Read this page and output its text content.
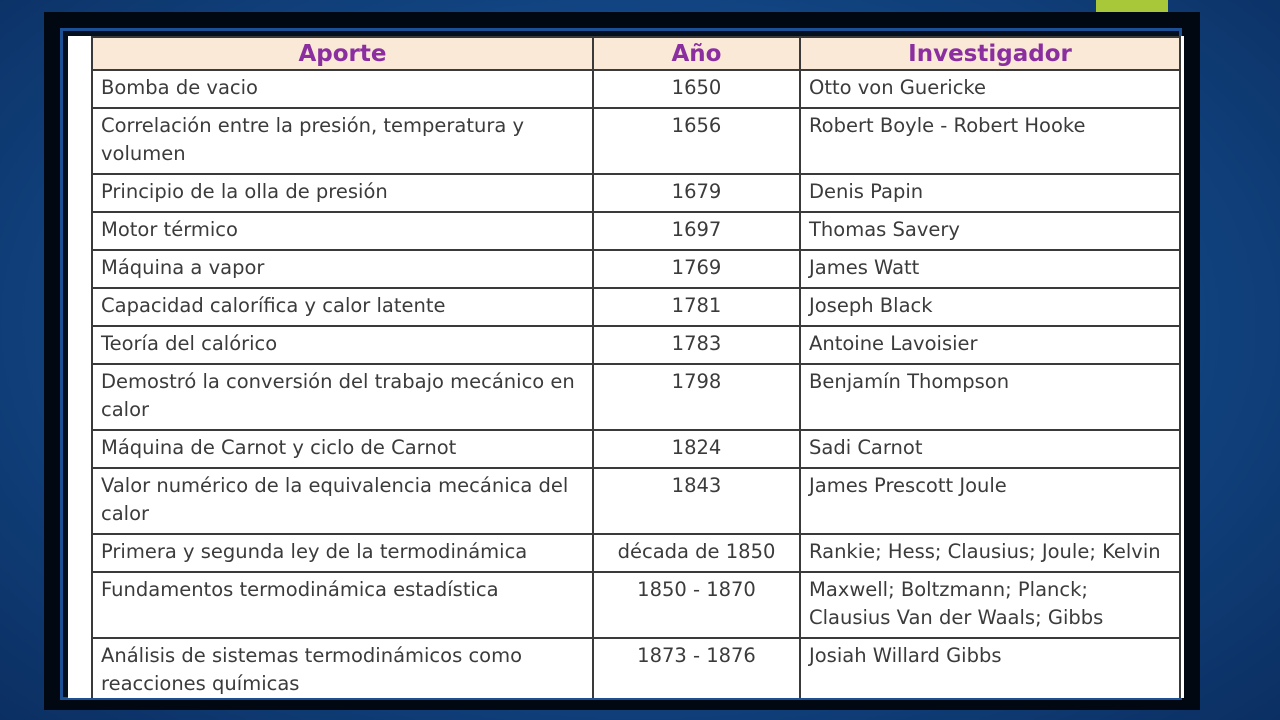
Aporte	Año	Investigador
Bomba de vacio	1650	Otto von Guericke
Correlación entre la presión, temperatura y volumen	1656	Robert Boyle - Robert Hooke
Principio de la olla de presión	1679	Denis Papin
Motor térmico	1697	Thomas Savery
Máquina a vapor	1769	James Watt
Capacidad calorífica y calor latente	1781	Joseph Black
Teoría del calórico	1783	Antoine Lavoisier
Demostró la conversión del trabajo mecánico en calor	1798	Benjamín Thompson
Máquina de Carnot y ciclo de Carnot	1824	Sadi Carnot
Valor numérico de la equivalencia mecánica del calor	1843	James Prescott Joule
Primera y segunda ley de la termodinámica	década de 1850	Rankie; Hess; Clausius; Joule; Kelvin
Fundamentos termodinámica estadística	1850 - 1870	Maxwell; Boltzmann; Planck; Clausius Van der Waals; Gibbs
Análisis de sistemas termodinámicos como reacciones químicas	1873 - 1876	Josiah Willard Gibbs
